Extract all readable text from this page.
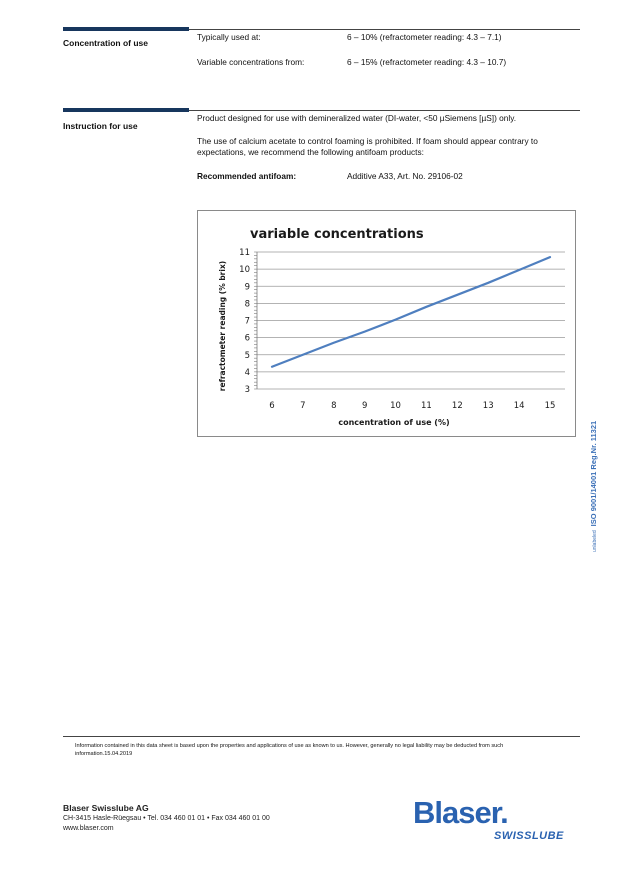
Concentration of use
Typically used at:	6 – 10% (refractometer reading: 4.3 – 7.1)
Variable concentrations from:	6 – 15% (refractometer reading: 4.3 – 10.7)
Instruction for use
Product designed for use with demineralized water (DI-water, <50 µSiemens [µS]) only.
The use of calcium acetate to control foaming is prohibited. If foam should appear contrary to
expectations, we recommend the following antifoam products:
Recommended antifoam:	Additive A33, Art. No. 29106-02
variable concentrations
refractometer reading (% brix)
concentration of use (%)
3
4
5
6
7
8
9
10
11
6	7	8	9	10 11 12 13 14 15
unlabeledISO 9001/14001 Reg.Nr. 11321
Information contained in this data sheet is based upon the properties and applications of use as known to us. However, generally no legal liability may be deducted from such
information.15.04.2019
Blaser Swisslube AG
CH-3415 Hasle-Rüegsau • Tel. 034 460 01 01 • Fax 034 460 01 00
www.blaser.com	Blaser.
SWISSLUBE
